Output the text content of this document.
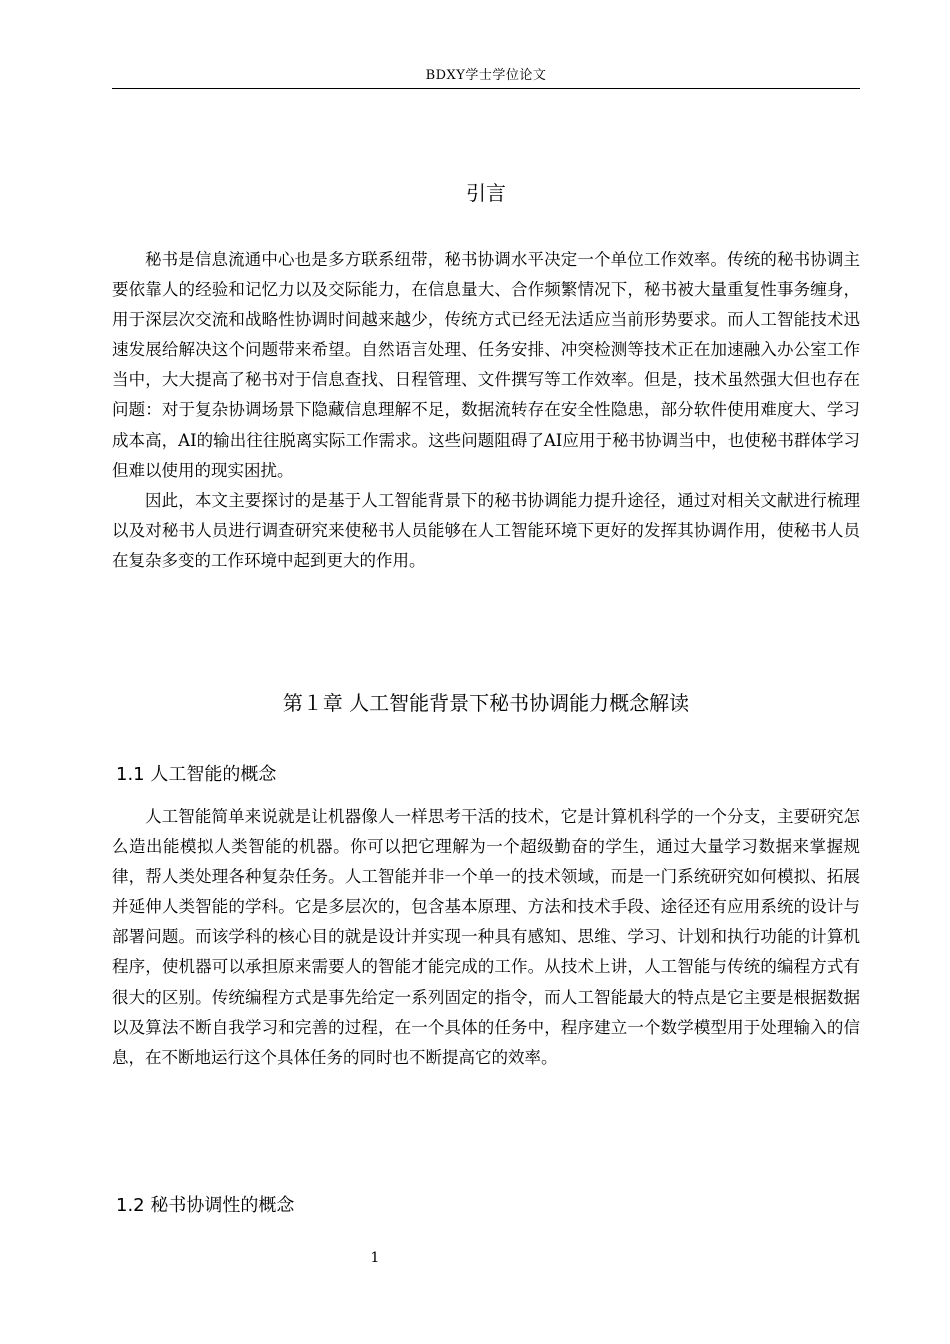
BDXY学士学位论文
引言

秘书是信息流通中心也是多方联系纽带，秘书协调水平决定一个单位工作效率。传统的秘书协调主要依靠人的经验和记忆力以及交际能力，在信息量大、合作频繁情况下，秘书被大量重复性事务缠身，用于深层次交流和战略性协调时间越来越少，传统方式已经无法适应当前形势要求。而人工智能技术迅速发展给解决这个问题带来希望。自然语言处理、任务安排、冲突检测等技术正在加速融入办公室工作当中，大大提高了秘书对于信息查找、日程管理、文件撰写等工作效率。但是，技术虽然强大但也存在问题：对于复杂协调场景下隐藏信息理解不足，数据流转存在安全性隐患，部分软件使用难度大、学习成本高，AI的输出往往脱离实际工作需求。这些问题阻碍了AI应用于秘书协调当中，也使秘书群体学习但难以使用的现实困扰。

因此，本文主要探讨的是基于人工智能背景下的秘书协调能力提升途径，通过对相关文献进行梳理以及对秘书人员进行调查研究来使秘书人员能够在人工智能环境下更好的发挥其协调作用，使秘书人员在复杂多变的工作环境中起到更大的作用。

第１章 人工智能背景下秘书协调能力概念解读
1.1 人工智能的概念

人工智能简单来说就是让机器像人一样思考干活的技术，它是计算机科学的一个分支，主要研究怎么造出能模拟人类智能的机器。你可以把它理解为一个超级勤奋的学生，通过大量学习数据来掌握规律，帮人类处理各种复杂任务。人工智能并非一个单一的技术领域，而是一门系统研究如何模拟、拓展并延伸人类智能的学科。它是多层次的，包含基本原理、方法和技术手段、途径还有应用系统的设计与部署问题。而该学科的核心目的就是设计并实现一种具有感知、思维、学习、计划和执行功能的计算机程序，使机器可以承担原来需要人的智能才能完成的工作。从技术上讲，人工智能与传统的编程方式有很大的区别。传统编程方式是事先给定一系列固定的指令，而人工智能最大的特点是它主要是根据数据以及算法不断自我学习和完善的过程，在一个具体的任务中，程序建立一个数学模型用于处理输入的信息，在不断地运行这个具体任务的同时也不断提高它的效率。

1.2 秘书协调性的概念
1
